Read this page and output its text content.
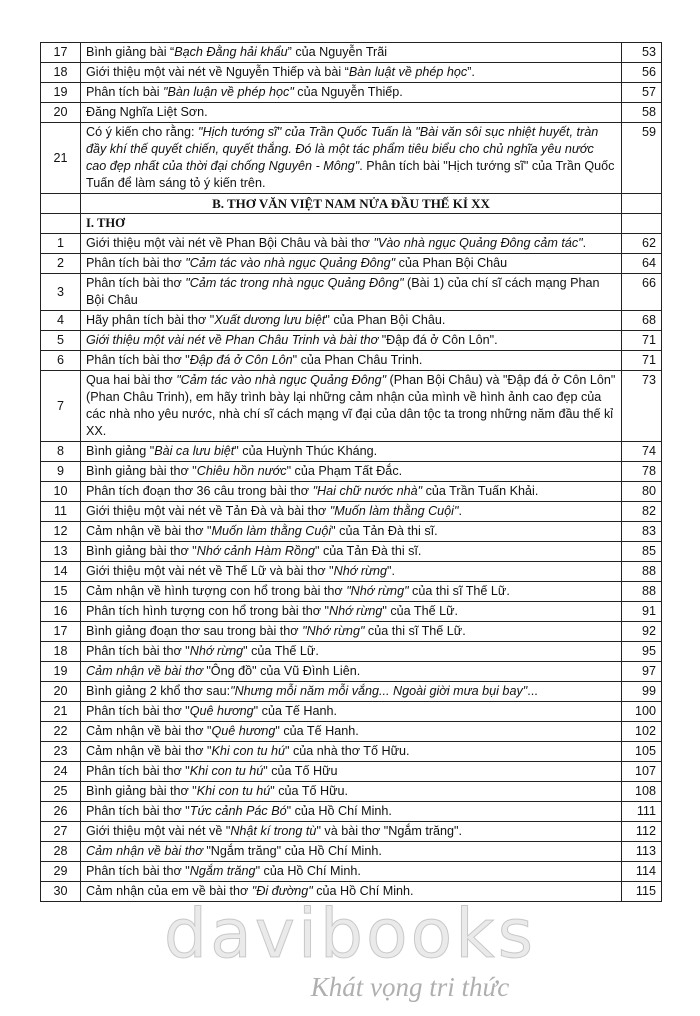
17	Bình giảng bài “Bạch Đằng hải khẩu” của Nguyễn Trãi	53
18	Giới thiệu một vài nét về Nguyễn Thiếp và bài “Bàn luật về phép học”.	56
19	Phân tích bài "Bàn luận về phép học" của Nguyễn Thiếp.	57
20	Đăng Nghĩa Liệt Sơn.	58
21	Có ý kiến cho rằng: "Hịch tướng sĩ" của Trần Quốc Tuấn là "Bài văn sôi sục nhiệt huyết, tràn đầy khí thế quyết chiến, quyết thắng. Đó là một tác phẩm tiêu biểu cho chủ nghĩa yêu nước cao đẹp nhất của thời đại chống Nguyên - Mông". Phân tích bài "Hịch tướng sĩ" của Trần Quốc Tuấn để làm sáng tỏ ý kiến trên.	59
	B. THƠ VĂN VIỆT NAM NỬA ĐẦU THẾ KỈ XX	
	I. THƠ	
1	Giới thiệu một vài nét về Phan Bội Châu và bài thơ "Vào nhà ngục Quảng Đông cảm tác".	62
2	Phân tích bài thơ "Cảm tác vào nhà ngục Quảng Đông" của Phan Bội Châu	64
3	Phân tích bài thơ "Cảm tác trong nhà ngục Quảng Đông" (Bài 1) của chí sĩ cách mạng Phan Bội Châu	66
4	Hãy phân tích bài thơ "Xuất dương lưu biệt" của Phan Bội Châu.	68
5	Giới thiệu một vài nét về Phan Châu Trinh và bài thơ "Đập đá ở Côn Lôn".	71
6	Phân tích bài thơ "Đập đá ở Côn Lôn" của Phan Châu Trinh.	71
7	Qua hai bài thơ "Cảm tác vào nhà ngục Quảng Đông" (Phan Bội Châu) và "Đập đá ở Côn Lôn" (Phan Châu Trinh), em hãy trình bày lại những cảm nhận của mình về hình ảnh cao đẹp của các nhà nho yêu nước, nhà chí sĩ cách mạng vĩ đại của dân tộc ta trong những năm đầu thế kỉ XX.	73
8	Bình giảng "Bài ca lưu biệt" của Huỳnh Thúc Kháng.	74
9	Bình giảng bài thơ "Chiêu hồn nước" của Phạm Tất Đắc.	78
10	Phân tích đoạn thơ 36 câu trong bài thơ "Hai chữ nước nhà" của Trần Tuấn Khải.	80
11	Giới thiệu một vài nét về Tản Đà và bài thơ "Muốn làm thằng Cuội".	82
12	Cảm nhận về bài thơ "Muốn làm thằng Cuội" của Tản Đà thi sĩ.	83
13	Bình giảng bài thơ "Nhớ cảnh Hàm Rồng" của Tản Đà thi sĩ.	85
14	Giới thiệu một vài nét về Thế Lữ và bài thơ "Nhớ rừng".	88
15	Cảm nhận về hình tượng con hổ trong bài thơ "Nhớ rừng" của thi sĩ Thế Lữ.	88
16	Phân tích hình tượng con hổ trong bài thơ "Nhớ rừng" của Thế Lữ.	91
17	Bình giảng đoạn thơ sau trong bài thơ "Nhớ rừng" của thi sĩ Thế Lữ.	92
18	Phân tích bài thơ "Nhớ rừng" của Thế Lữ.	95
19	Cảm nhận về bài thơ "Ông đồ" của Vũ Đình Liên.	97
20	Bình giảng 2 khổ thơ sau:"Nhưng mỗi năm mỗi vắng... Ngoài giời mưa bụi bay"...	99
21	Phân tích bài thơ "Quê hương" của Tế Hanh.	100
22	Cảm nhận về bài thơ "Quê hương" của Tế Hanh.	102
23	Cảm nhận về bài thơ "Khi con tu hú" của nhà thơ Tố Hữu.	105
24	Phân tích bài thơ "Khi con tu hú" của Tố Hữu	107
25	Bình giảng bài thơ "Khi con tu hú" của Tố Hữu.	108
26	Phân tích bài thơ "Tức cảnh Pác Bó" của Hồ Chí Minh.	111
27	Giới thiệu một vài nét về "Nhật kí trong tù" và bài thơ "Ngắm trăng".	112
28	Cảm nhận về bài thơ "Ngắm trăng" của Hồ Chí Minh.	113
29	Phân tích bài thơ "Ngắm trăng" của Hồ Chí Minh.	114
30	Cảm nhận của em về bài thơ "Đi đường" của Hồ Chí Minh.	115
davibooks
Khát vọng tri thức
